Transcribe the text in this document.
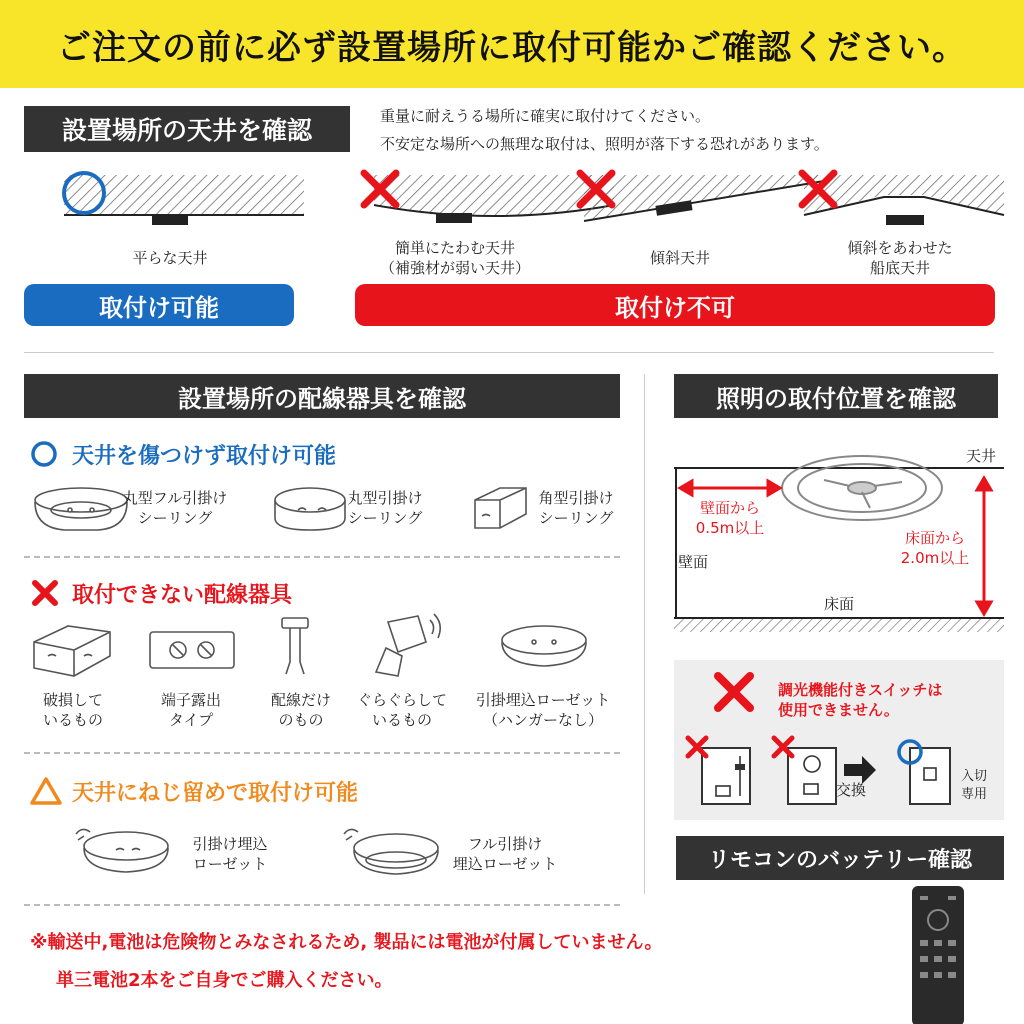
ご注文の前に必ず設置場所に取付可能かご確認ください。
設置場所の天井を確認	重量に耐えうる場所に確実に取付けてください。
不安定な場所への無理な取付は、照明が落下する恐れがあります。
平らな天井
簡単にたわむ天井
（補強材が弱い天井）
傾斜天井
傾斜をあわせた
船底天井
取付け可能	取付け不可
設置場所の配線器具を確認
天井を傷つけず取付け可能
丸型フル引掛け
シーリング
丸型引掛け
シーリング
角型引掛け
シーリング
取付できない配線器具
破損して
いるもの
端子露出
タイプ
配線だけ
のもの
ぐらぐらして
いるもの
引掛埋込ローゼット
（ハンガーなし）
天井にねじ留めで取付け可能
引掛け埋込
ローゼット
フル引掛け
埋込ローゼット
照明の取付位置を確認
天井
壁面
床面
壁面から
0.5m以上
床面から
2.0m以上
調光機能付きスイッチは
使用できません。
交換
入切
専用
リモコンのバッテリー確認
※輸送中,電池は危険物とみなされるため, 製品には電池が付属していません。
単三電池2本をご自身でご購入ください。
